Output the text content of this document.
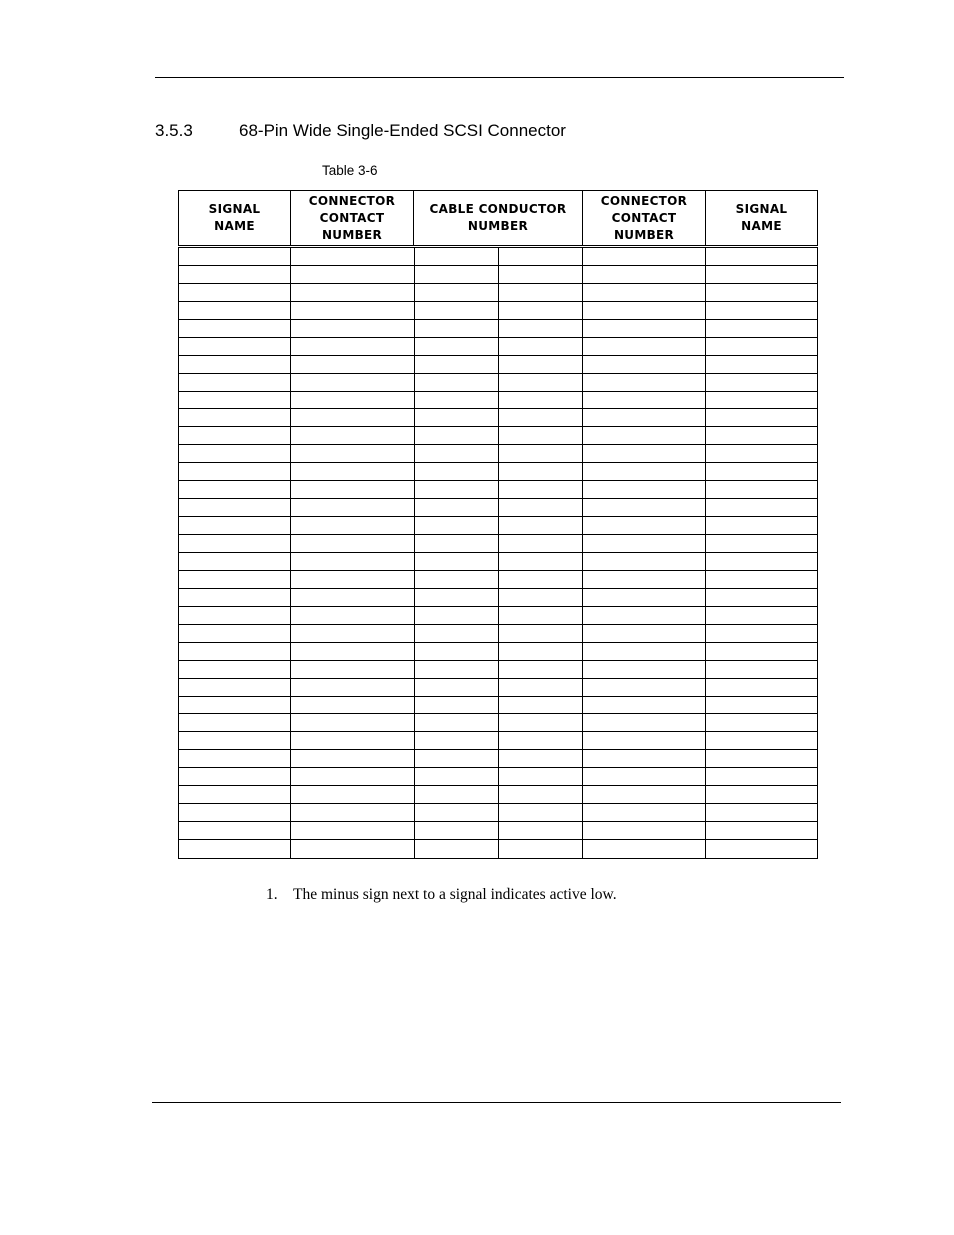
3.5.3	68-Pin Wide Single-Ended SCSI Connector
Table 3-6
SIGNAL
NAME
CONNECTOR
CONTACT
NUMBER
CABLE CONDUCTOR
NUMBER
CONNECTOR
CONTACT
NUMBER
SIGNAL
NAME
1. The minus sign next to a signal indicates active low.
